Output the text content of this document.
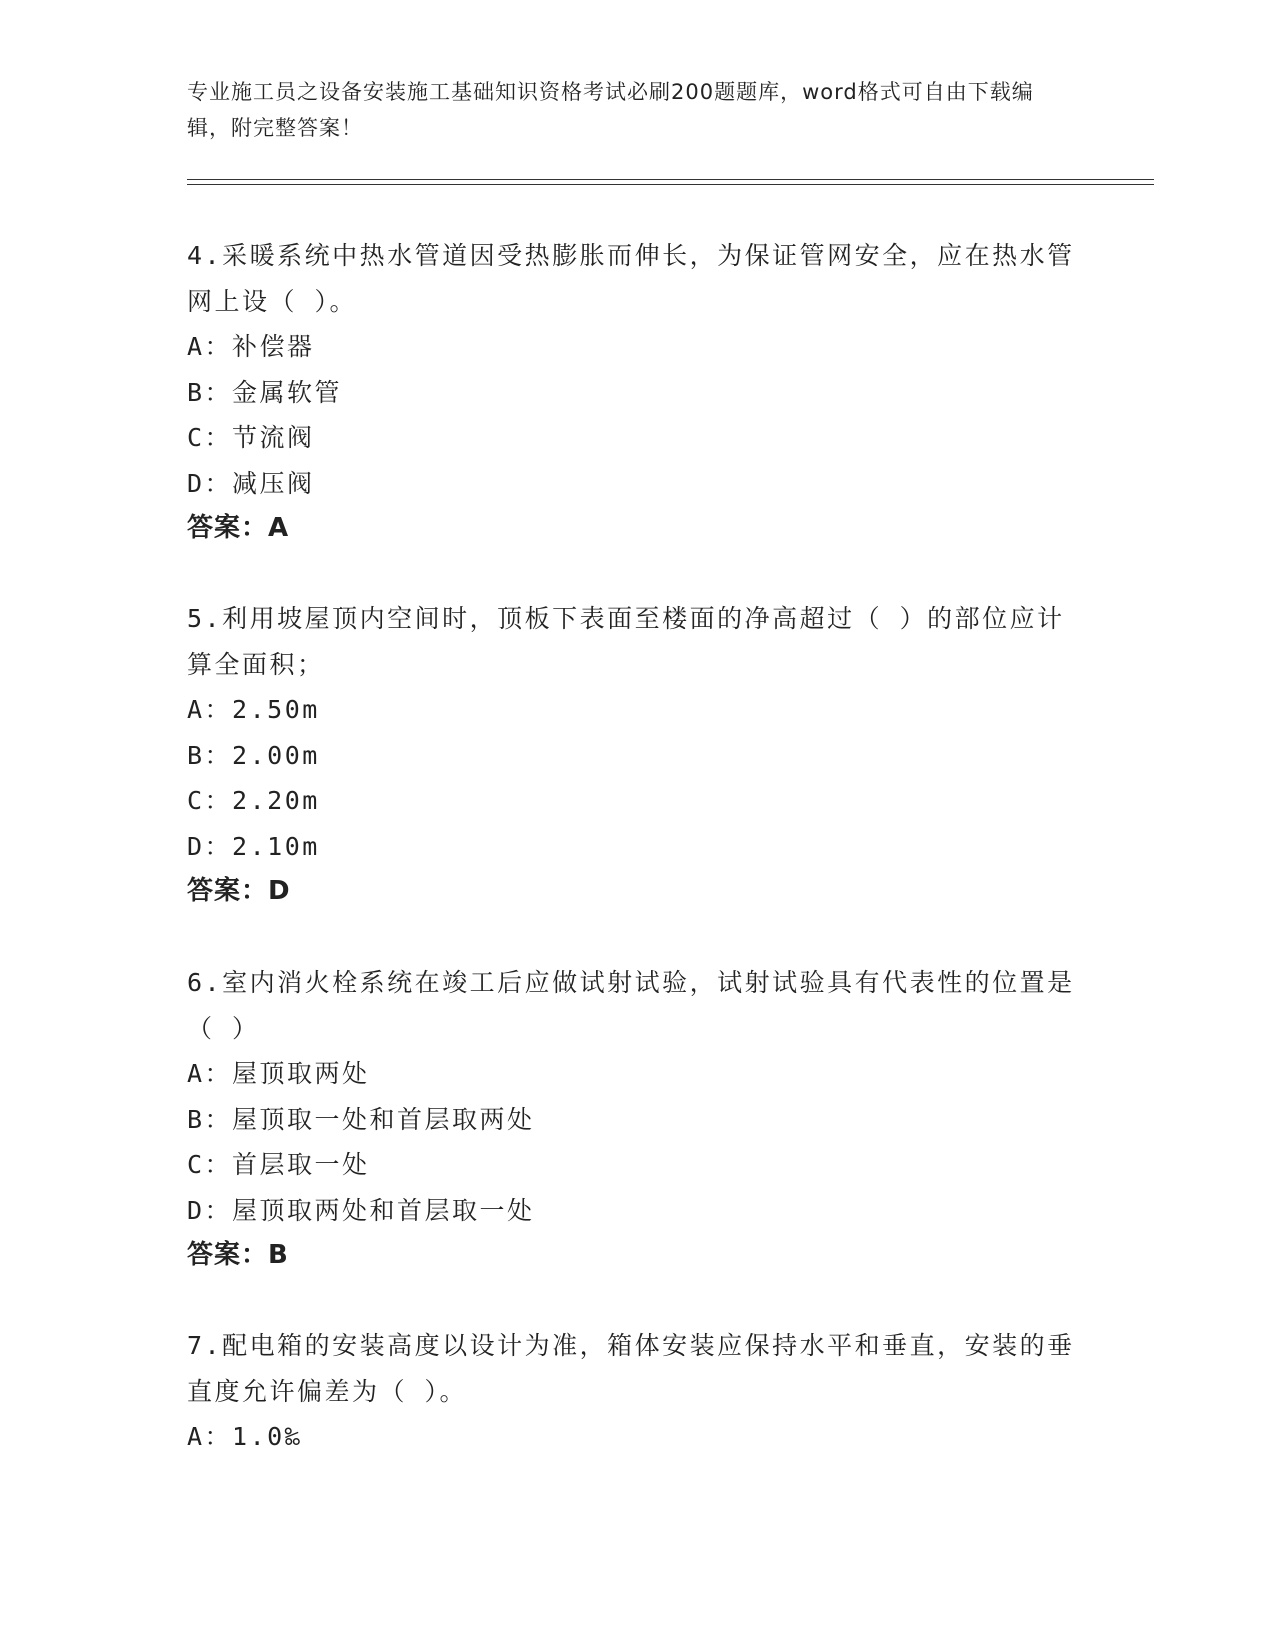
专业施工员之设备安装施工基础知识资格考试必刷200题题库，word格式可自由下载编辑，附完整答案！
4.采暖系统中热水管道因受热膨胀而伸长，为保证管网安全，应在热水管网上设（ ）。
A：补偿器
B：金属软管
C：节流阀
D：减压阀
答案：A
5.利用坡屋顶内空间时，顶板下表面至楼面的净高超过（ ）的部位应计算全面积；
A：2.50m
B：2.00m
C：2.20m
D：2.10m
答案：D
6.室内消火栓系统在竣工后应做试射试验，试射试验具有代表性的位置是（ ）
A：屋顶取两处
B：屋顶取一处和首层取两处
C：首层取一处
D：屋顶取两处和首层取一处
答案：B
7.配电箱的安装高度以设计为准，箱体安装应保持水平和垂直，安装的垂直度允许偏差为（ ）。
A：1.0‰
